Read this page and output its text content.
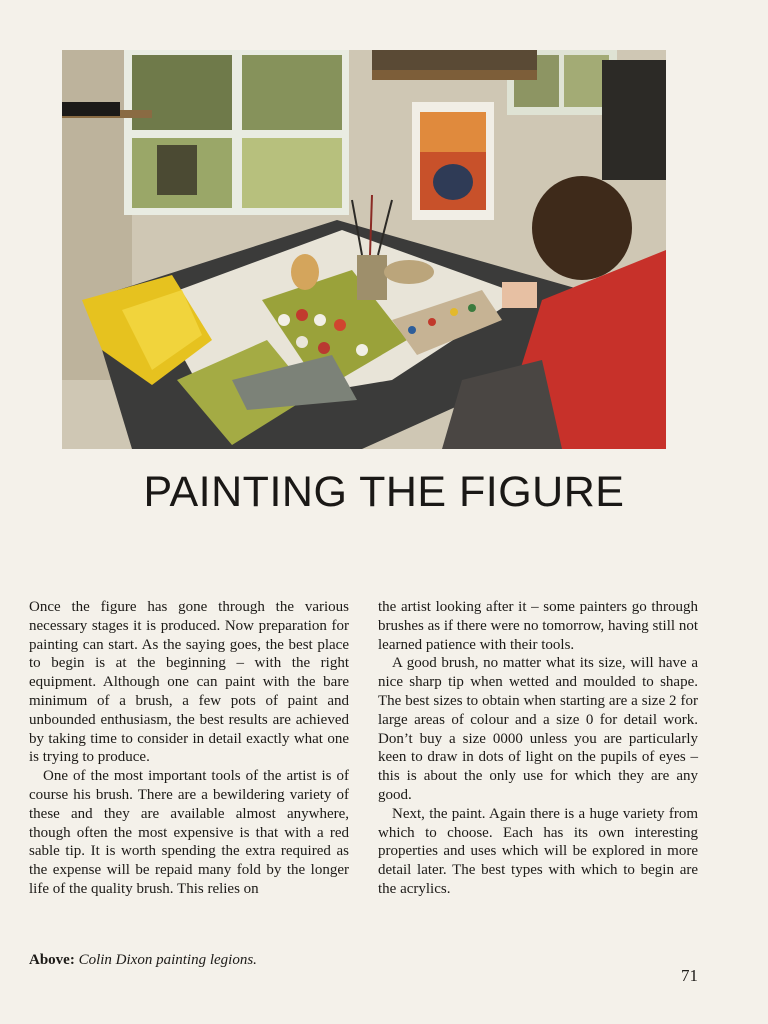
PAINTING THE FIGURE

Once the figure has gone through the various necessary stages it is produced. Now preparation for painting can start. As the saying goes, the best place to begin is at the beginning – with the right equipment. Although one can paint with the bare minimum of a brush, a few pots of paint and unbounded enthusiasm, the best results are achieved by taking time to consider in detail exactly what one is trying to produce.

One of the most important tools of the artist is of course his brush. There are a bewildering variety of these and they are available almost anywhere, though often the most expensive is that with a red sable tip. It is worth spending the extra required as the expense will be repaid many fold by the longer life of the quality brush. This relies on

the artist looking after it – some painters go through brushes as if there were no tomorrow, having still not learned patience with their tools.

A good brush, no matter what its size, will have a nice sharp tip when wetted and moulded to shape. The best sizes to obtain when starting are a size 2 for large areas of colour and a size 0 for detail work. Don’t buy a size 0000 unless you are particularly keen to draw in dots of light on the pupils of eyes – this is about the only use for which they are any good.

Next, the paint. Again there is a huge variety from which to choose. Each has its own interesting properties and uses which will be explored in more detail later. The best types with which to begin are the acrylics.

Above: Colin Dixon painting legions.
71
